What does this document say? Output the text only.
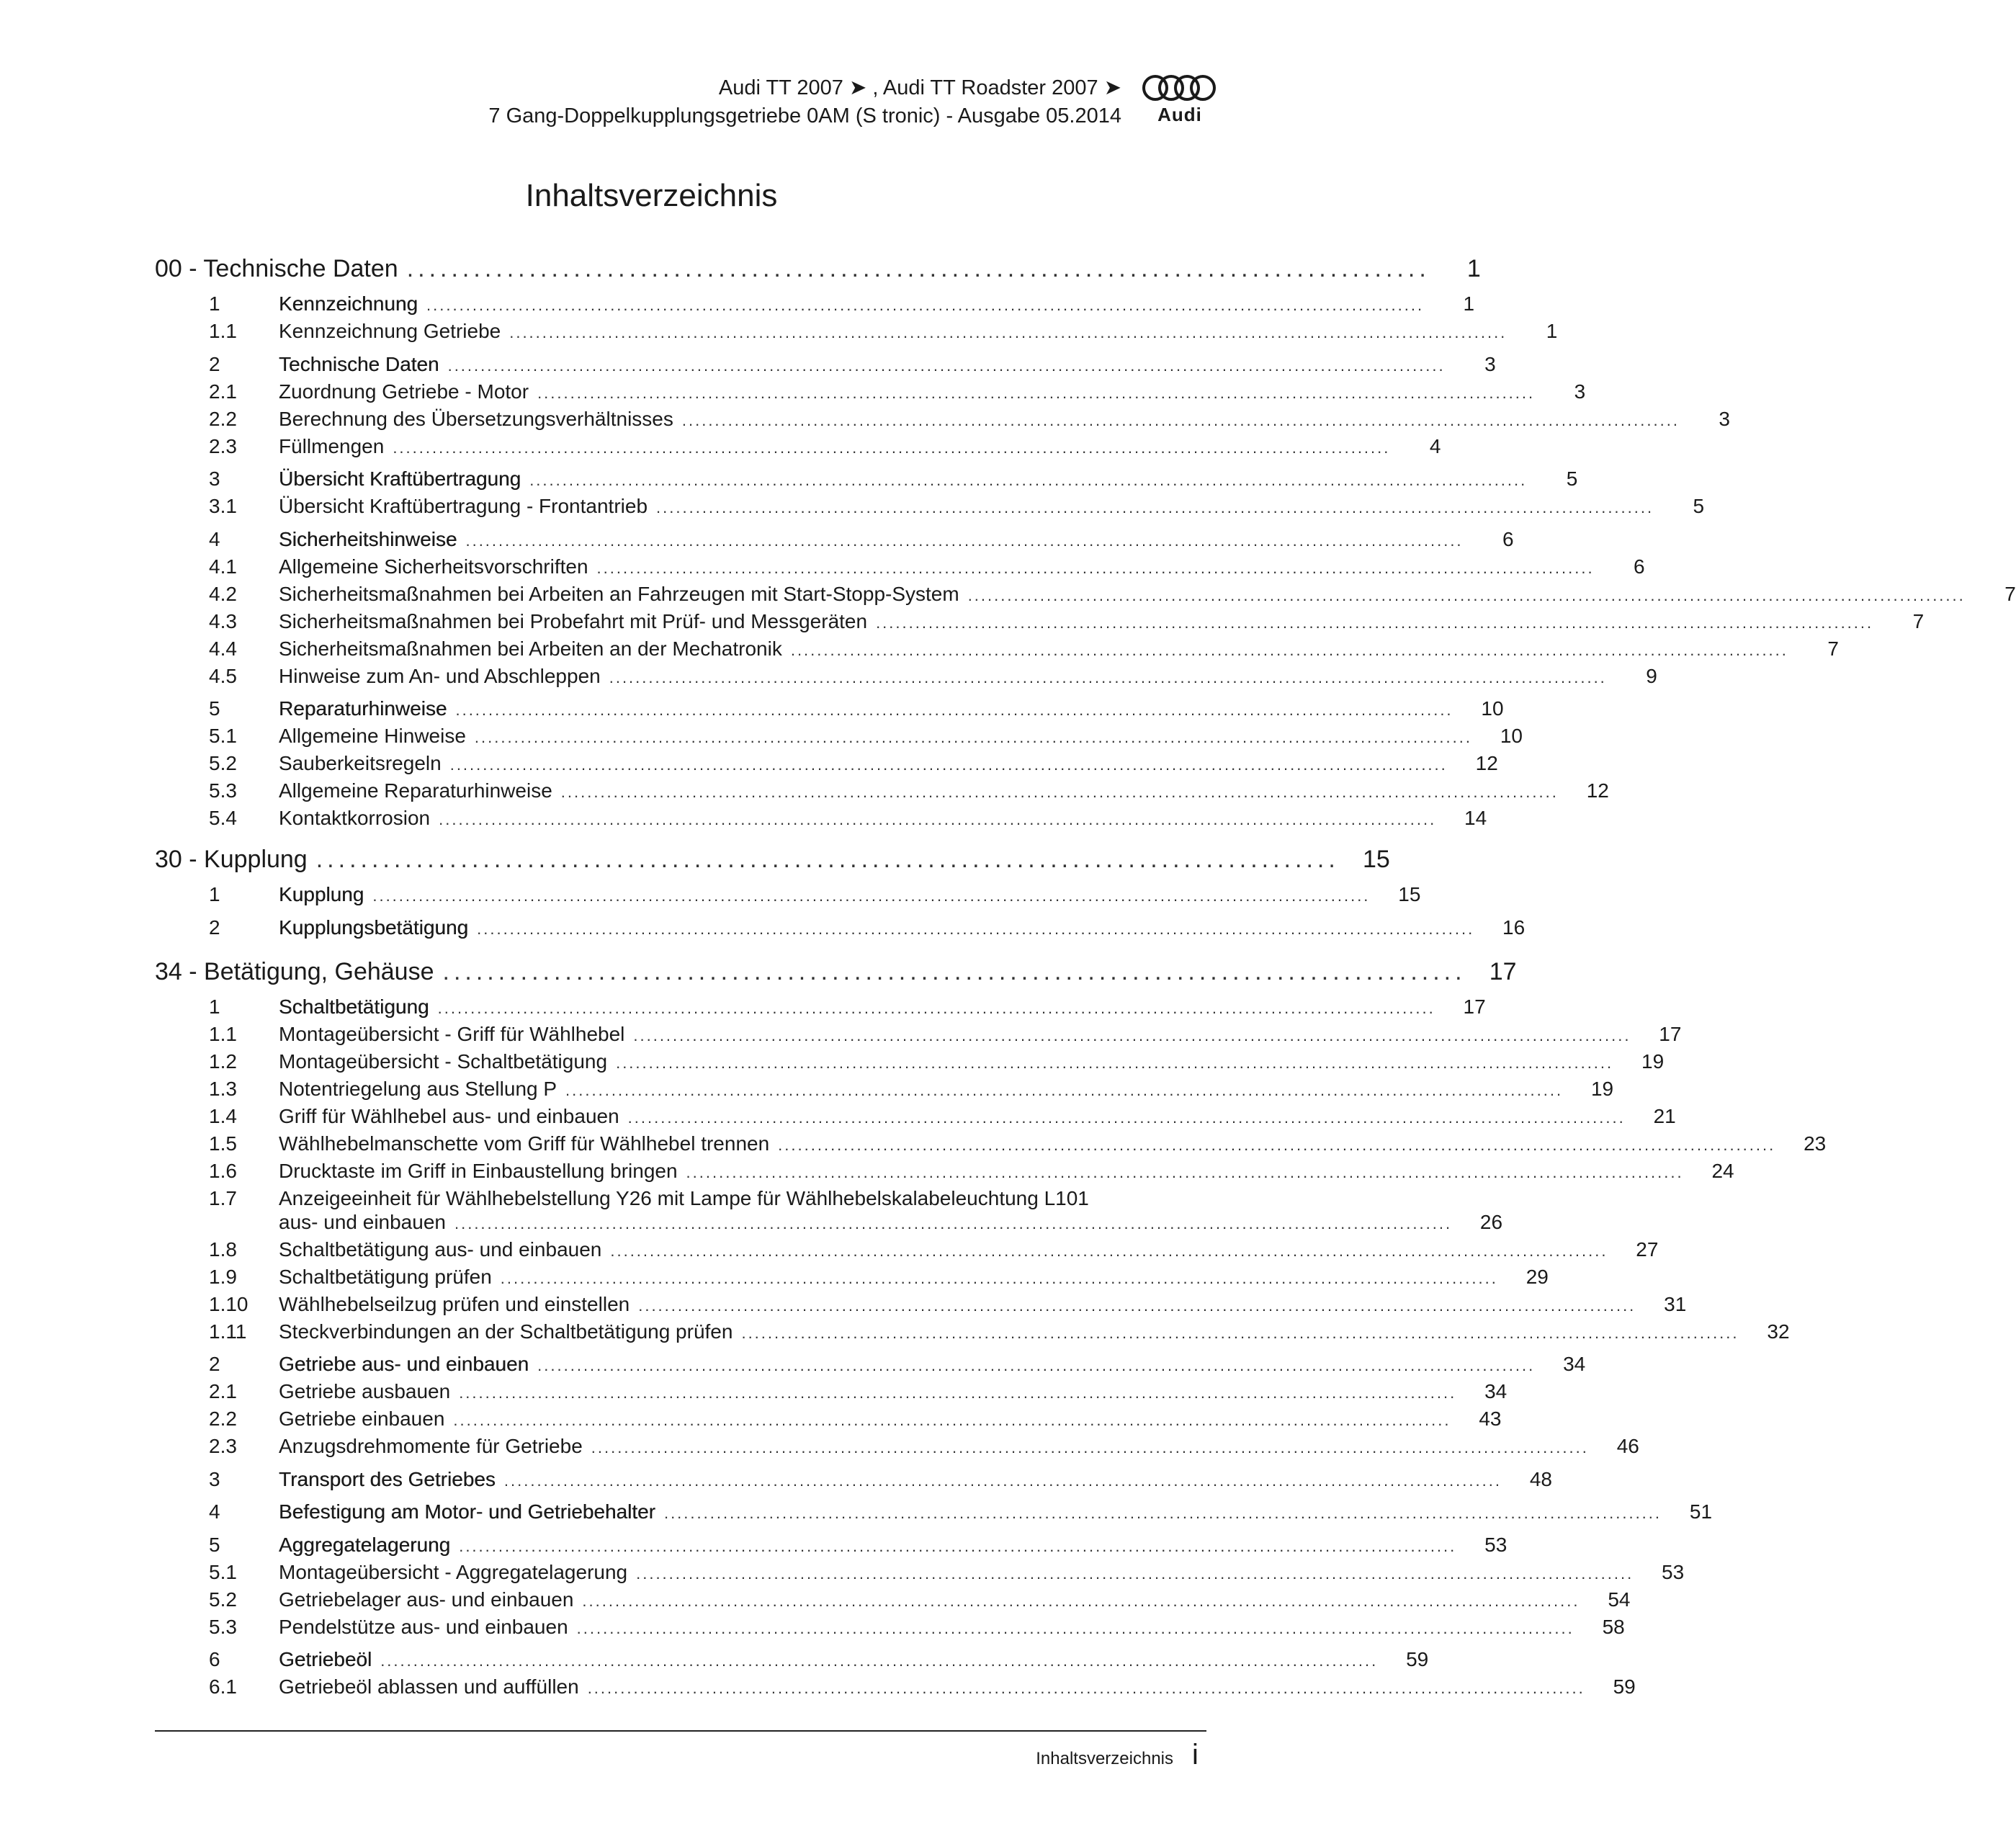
Audi TT 2007 ➤ , Audi TT Roadster 2007 ➤
7 Gang-Doppelkupplungsgetriebe 0AM (S tronic) - Ausgabe 05.2014	Audi
Inhaltsverzeichnis
00 - Technische Daten ............................................................................................	1
1	Kennzeichnung ........................................................................................................................................................	1
1.1	Kennzeichnung Getriebe ........................................................................................................................................................	1
2	Technische Daten ........................................................................................................................................................	3
2.1	Zuordnung Getriebe - Motor ........................................................................................................................................................	3
2.2	Berechnung des Übersetzungsverhältnisses ........................................................................................................................................................	3
2.3	Füllmengen ........................................................................................................................................................	4
3	Übersicht Kraftübertragung ........................................................................................................................................................	5
3.1	Übersicht Kraftübertragung - Frontantrieb ........................................................................................................................................................	5
4	Sicherheitshinweise ........................................................................................................................................................	6
4.1	Allgemeine Sicherheitsvorschriften ........................................................................................................................................................	6
4.2	Sicherheitsmaßnahmen bei Arbeiten an Fahrzeugen mit Start-Stopp-System ........................................................................................................................................................	7
4.3	Sicherheitsmaßnahmen bei Probefahrt mit Prüf- und Messgeräten ........................................................................................................................................................	7
4.4	Sicherheitsmaßnahmen bei Arbeiten an der Mechatronik ........................................................................................................................................................	7
4.5	Hinweise zum An- und Abschleppen ........................................................................................................................................................	9
5	Reparaturhinweise ........................................................................................................................................................	10
5.1	Allgemeine Hinweise ........................................................................................................................................................	10
5.2	Sauberkeitsregeln ........................................................................................................................................................	12
5.3	Allgemeine Reparaturhinweise ........................................................................................................................................................	12
5.4	Kontaktkorrosion ........................................................................................................................................................	14
30 - Kupplung ............................................................................................ 15
1	Kupplung ........................................................................................................................................................	15
2	Kupplungsbetätigung ........................................................................................................................................................	16
34 - Betätigung, Gehäuse ............................................................................................ 17
1	Schaltbetätigung ........................................................................................................................................................	17
1.1	Montageübersicht - Griff für Wählhebel ........................................................................................................................................................	17
1.2	Montageübersicht - Schaltbetätigung ........................................................................................................................................................	19
1.3	Notentriegelung aus Stellung P ........................................................................................................................................................	19
1.4	Griff für Wählhebel aus- und einbauen ........................................................................................................................................................	21
1.5	Wählhebelmanschette vom Griff für Wählhebel trennen ........................................................................................................................................................	23
1.6	Drucktaste im Griff in Einbaustellung bringen ........................................................................................................................................................	24
1.7	Anzeigeeinheit für Wählhebelstellung Y26 mit Lampe für Wählhebelskalabeleuchtung L101
aus- und einbauen ........................................................................................................................................................	26
1.8	Schaltbetätigung aus- und einbauen ........................................................................................................................................................	27
1.9	Schaltbetätigung prüfen ........................................................................................................................................................	29
1.10	Wählhebelseilzug prüfen und einstellen ........................................................................................................................................................	31
1.11	Steckverbindungen an der Schaltbetätigung prüfen ........................................................................................................................................................	32
2	Getriebe aus- und einbauen ........................................................................................................................................................	34
2.1	Getriebe ausbauen ........................................................................................................................................................	34
2.2	Getriebe einbauen ........................................................................................................................................................	43
2.3	Anzugsdrehmomente für Getriebe ........................................................................................................................................................	46
3	Transport des Getriebes ........................................................................................................................................................	48
4	Befestigung am Motor- und Getriebehalter ........................................................................................................................................................	51
5	Aggregatelagerung ........................................................................................................................................................	53
5.1	Montageübersicht - Aggregatelagerung ........................................................................................................................................................	53
5.2	Getriebelager aus- und einbauen ........................................................................................................................................................	54
5.3	Pendelstütze aus- und einbauen ........................................................................................................................................................	58
6	Getriebeöl ........................................................................................................................................................	59
6.1	Getriebeöl ablassen und auffüllen ........................................................................................................................................................	59
Inhaltsverzeichnis i
